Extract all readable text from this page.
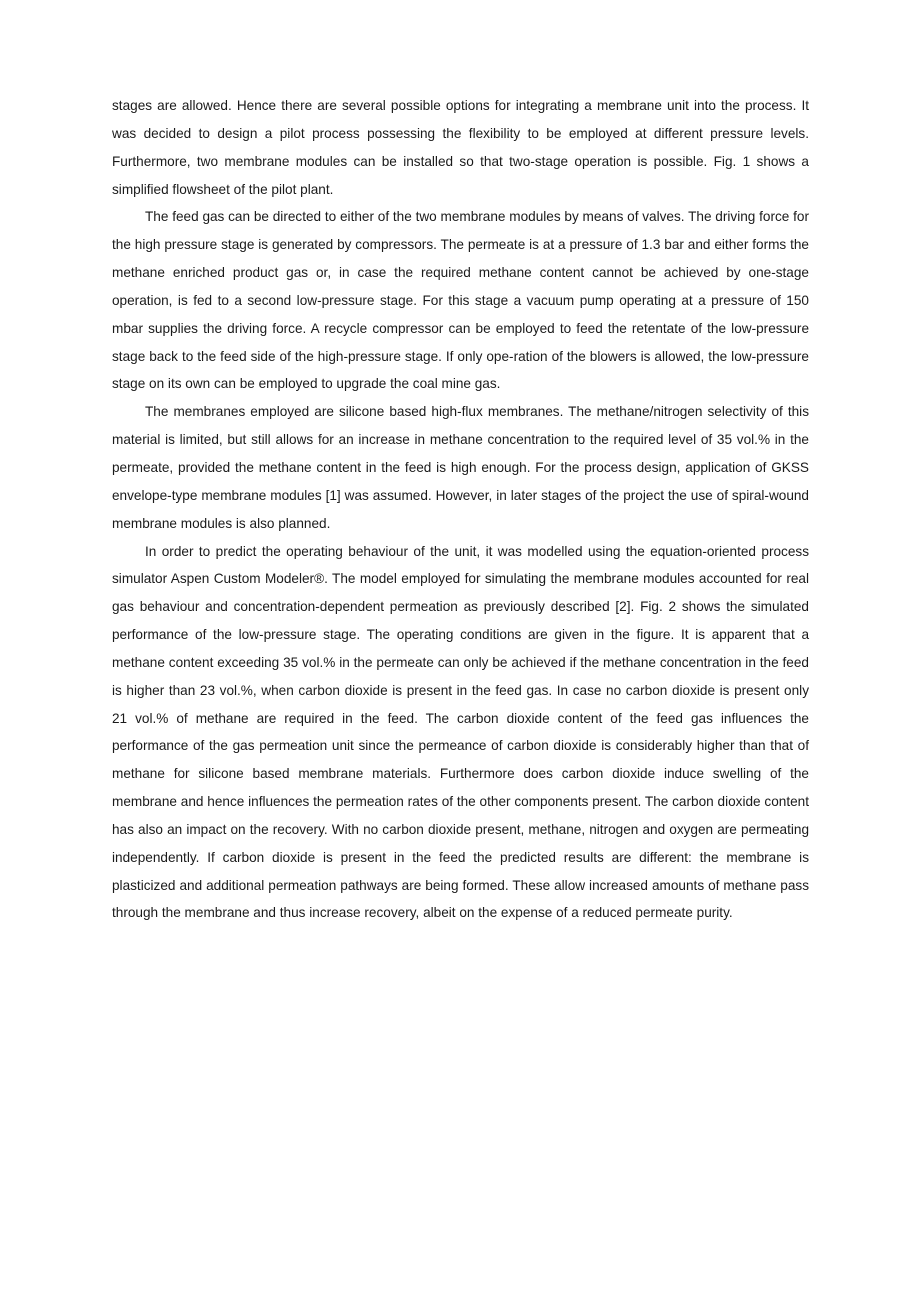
stages are allowed. Hence there are several possible options for integrating a membrane unit into the process. It was decided to design a pilot process possessing the flexibility to be employed at different pressure levels. Furthermore, two membrane modules can be installed so that two-stage operation is possible. Fig. 1 shows a simplified flowsheet of the pilot plant.

The feed gas can be directed to either of the two membrane modules by means of valves. The driving force for the high pressure stage is generated by compressors. The permeate is at a pressure of 1.3 bar and either forms the methane enriched product gas or, in case the required methane content cannot be achieved by one-stage operation, is fed to a second low-pressure stage. For this stage a vacuum pump operating at a pressure of 150 mbar supplies the driving force. A recycle compressor can be employed to feed the retentate of the low-pressure stage back to the feed side of the high-pressure stage. If only ope-ration of the blowers is allowed, the low-pressure stage on its own can be employed to upgrade the coal mine gas.

The membranes employed are silicone based high-flux membranes. The methane/nitrogen selectivity of this material is limited, but still allows for an increase in methane concentration to the required level of 35 vol.% in the permeate, provided the methane content in the feed is high enough. For the process design, application of GKSS envelope-type membrane modules [1] was assumed. However, in later stages of the project the use of spiral-wound membrane modules is also planned.

In order to predict the operating behaviour of the unit, it was modelled using the equation-oriented process simulator Aspen Custom Modeler®. The model employed for simulating the membrane modules accounted for real gas behaviour and concentration-dependent permeation as previously described [2]. Fig. 2 shows the simulated performance of the low-pressure stage. The operating conditions are given in the figure. It is apparent that a methane content exceeding 35 vol.% in the permeate can only be achieved if the methane concentration in the feed is higher than 23 vol.%, when carbon dioxide is present in the feed gas. In case no carbon dioxide is present only 21 vol.% of methane are required in the feed. The carbon dioxide content of the feed gas influences the performance of the gas permeation unit since the permeance of carbon dioxide is considerably higher than that of methane for silicone based membrane materials. Furthermore does carbon dioxide induce swelling of the membrane and hence influences the permeation rates of the other components present. The carbon dioxide content has also an impact on the recovery. With no carbon dioxide present, methane, nitrogen and oxygen are permeating independently. If carbon dioxide is present in the feed the predicted results are different: the membrane is plasticized and additional permeation pathways are being formed. These allow increased amounts of methane pass through the membrane and thus increase recovery, albeit on the expense of a reduced permeate purity.
